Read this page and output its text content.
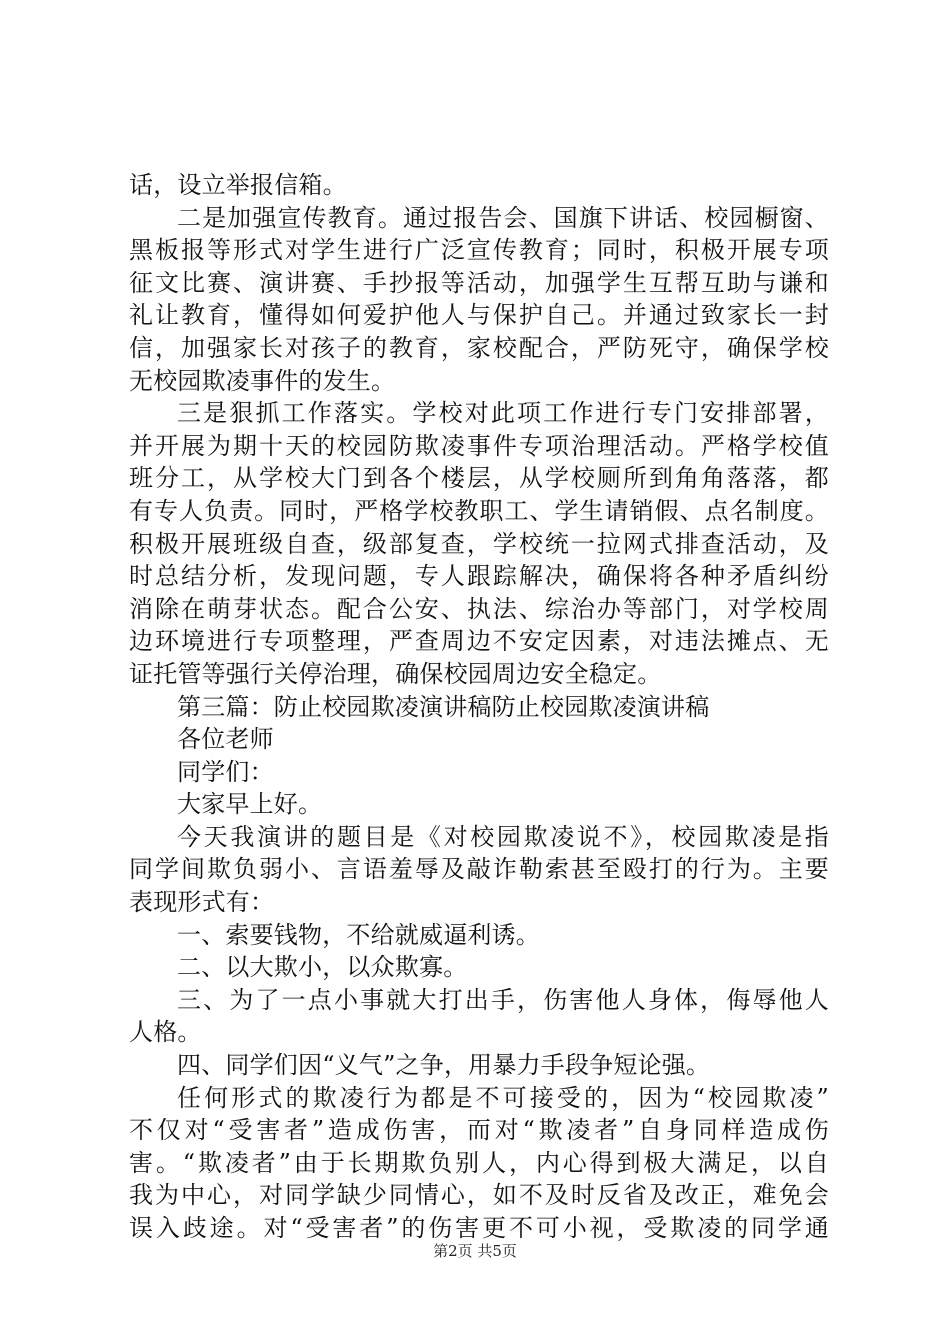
话，设立举报信箱。
二是加强宣传教育。通过报告会、国旗下讲话、校园橱窗、
黑板报等形式对学生进行广泛宣传教育；同时，积极开展专项
征文比赛、演讲赛、手抄报等活动，加强学生互帮互助与谦和
礼让教育，懂得如何爱护他人与保护自己。并通过致家长一封
信，加强家长对孩子的教育，家校配合，严防死守，确保学校
无校园欺凌事件的发生。
三是狠抓工作落实。学校对此项工作进行专门安排部署，
并开展为期十天的校园防欺凌事件专项治理活动。严格学校值
班分工，从学校大门到各个楼层，从学校厕所到角角落落，都
有专人负责。同时，严格学校教职工、学生请销假、点名制度。
积极开展班级自查，级部复查，学校统一拉网式排查活动，及
时总结分析，发现问题，专人跟踪解决，确保将各种矛盾纠纷
消除在萌芽状态。配合公安、执法、综治办等部门，对学校周
边环境进行专项整理，严查周边不安定因素，对违法摊点、无
证托管等强行关停治理，确保校园周边安全稳定。
第三篇：防止校园欺凌演讲稿防止校园欺凌演讲稿
各位老师
同学们：
大家早上好。
今天我演讲的题目是《对校园欺凌说不》，校园欺凌是指
同学间欺负弱小、言语羞辱及敲诈勒索甚至殴打的行为。主要
表现形式有：
一、索要钱物，不给就威逼利诱。
二、以大欺小，以众欺寡。
三、为了一点小事就大打出手，伤害他人身体，侮辱他人
人格。
四、同学们因“义气”之争，用暴力手段争短论强。
任何形式的欺凌行为都是不可接受的，因为“校园欺凌”
不仅对“受害者”造成伤害，而对“欺凌者”自身同样造成伤
害。“欺凌者”由于长期欺负别人，内心得到极大满足，以自
我为中心，对同学缺少同情心，如不及时反省及改正，难免会
误入歧途。对“受害者”的伤害更不可小视，受欺凌的同学通
第2页 共5页
